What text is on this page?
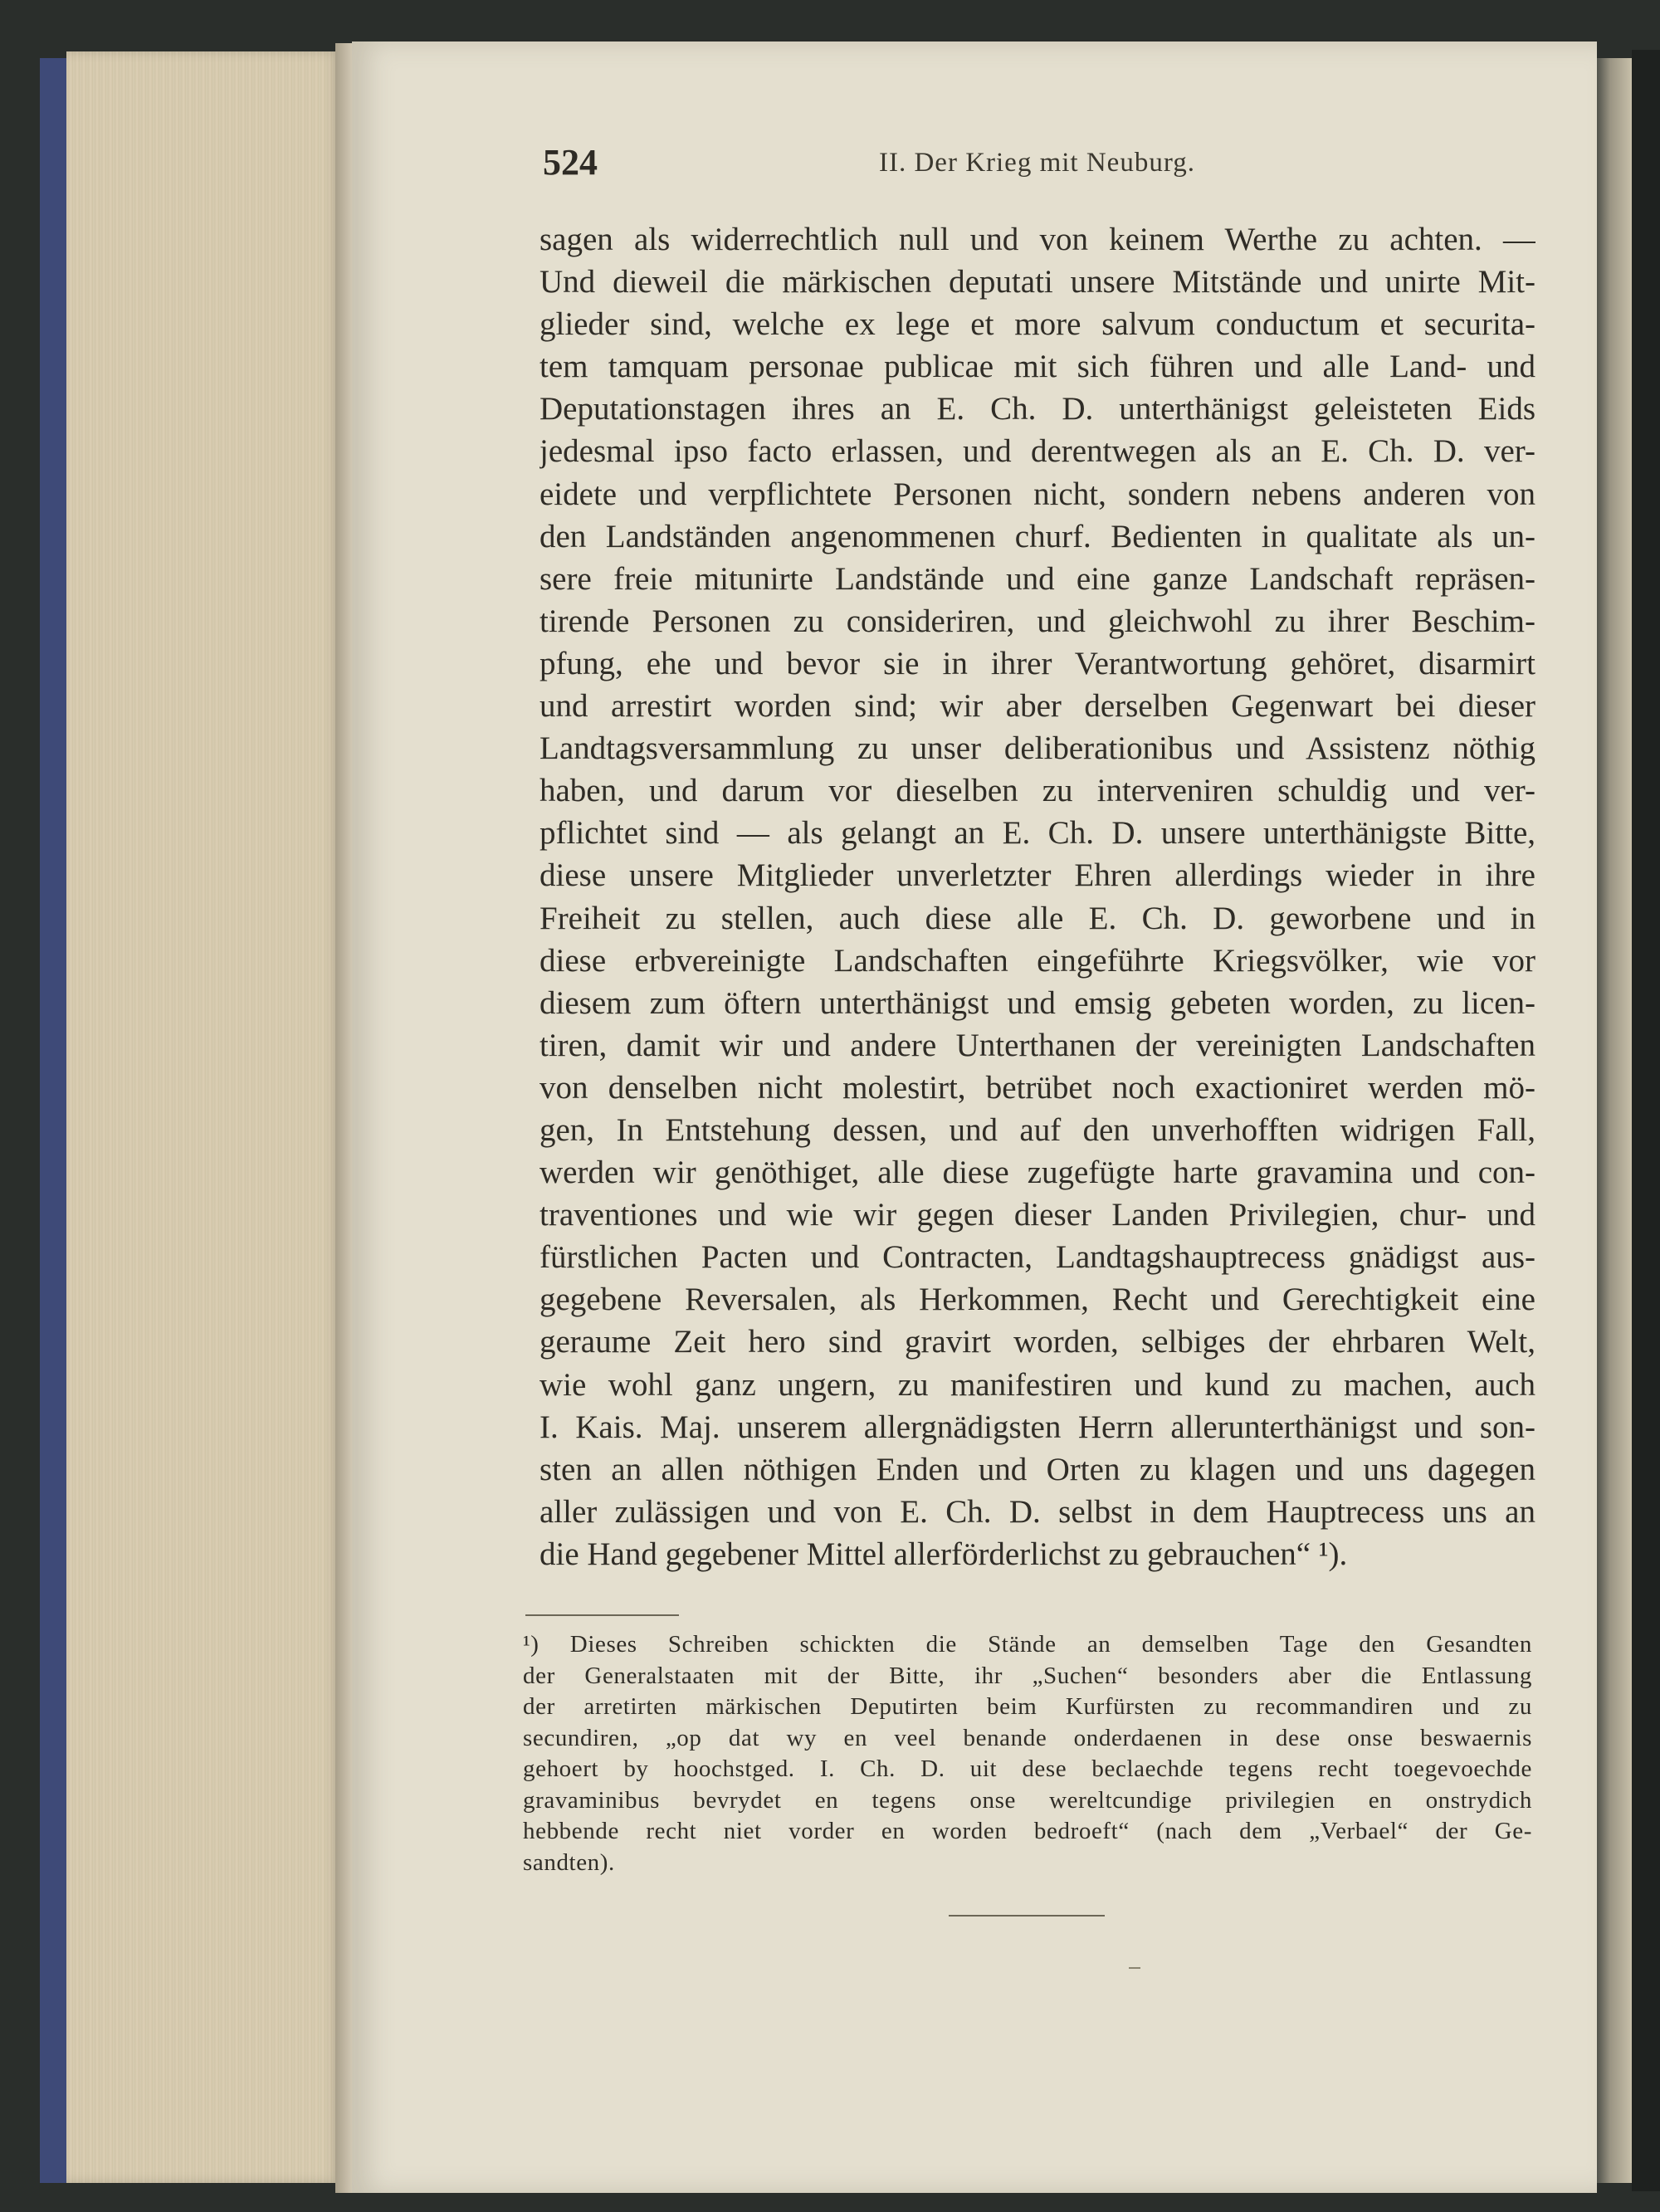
524	II. Der Krieg mit Neuburg.
sagen als widerrechtlich null und von keinem Werthe zu achten. —
Und dieweil die märkischen deputati unsere Mitstände und unirte Mit-
glieder sind, welche ex lege et more salvum conductum et securita-
tem tamquam personae publicae mit sich führen und alle Land- und
Deputationstagen ihres an E. Ch. D. unterthänigst geleisteten Eids
jedesmal ipso facto erlassen, und derentwegen als an E. Ch. D. ver-
eidete und verpflichtete Personen nicht, sondern nebens anderen von
den Landständen angenommenen churf. Bedienten in qualitate als un-
sere freie mitunirte Landstände und eine ganze Landschaft repräsen-
tirende Personen zu consideriren, und gleichwohl zu ihrer Beschim-
pfung, ehe und bevor sie in ihrer Verantwortung gehöret, disarmirt
und arrestirt worden sind; wir aber derselben Gegenwart bei dieser
Landtagsversammlung zu unser deliberationibus und Assistenz nöthig
haben, und darum vor dieselben zu interveniren schuldig und ver-
pflichtet sind — als gelangt an E. Ch. D. unsere unterthänigste Bitte,
diese unsere Mitglieder unverletzter Ehren allerdings wieder in ihre
Freiheit zu stellen, auch diese alle E. Ch. D. geworbene und in
diese erbvereinigte Landschaften eingeführte Kriegsvölker, wie vor
diesem zum öftern unterthänigst und emsig gebeten worden, zu licen-
tiren, damit wir und andere Unterthanen der vereinigten Landschaften
von denselben nicht molestirt, betrübet noch exactioniret werden mö-
gen, In Entstehung dessen, und auf den unverhofften widrigen Fall,
werden wir genöthiget, alle diese zugefügte harte gravamina und con-
traventiones und wie wir gegen dieser Landen Privilegien, chur- und
fürstlichen Pacten und Contracten, Landtagshauptrecess gnädigst aus-
gegebene Reversalen, als Herkommen, Recht und Gerechtigkeit eine
geraume Zeit hero sind gravirt worden, selbiges der ehrbaren Welt,
wie wohl ganz ungern, zu manifestiren und kund zu machen, auch
I. Kais. Maj. unserem allergnädigsten Herrn allerunterthänigst und son-
sten an allen nöthigen Enden und Orten zu klagen und uns dagegen
aller zulässigen und von E. Ch. D. selbst in dem Hauptrecess uns an
die Hand gegebener Mittel allerförderlichst zu gebrauchen“ ¹).
¹) Dieses Schreiben schickten die Stände an demselben Tage den Gesandten
der Generalstaaten mit der Bitte, ihr „Suchen“ besonders aber die Entlassung
der arretirten märkischen Deputirten beim Kurfürsten zu recommandiren und zu
secundiren, „op dat wy en veel benande onderdaenen in dese onse beswaernis
gehoert by hoochstged. I. Ch. D. uit dese beclaechde tegens recht toegevoechde
gravaminibus bevrydet en tegens onse wereltcundige privilegien en onstrydich
hebbende recht niet vorder en worden bedroeft“ (nach dem „Verbael“ der Ge-
sandten).
